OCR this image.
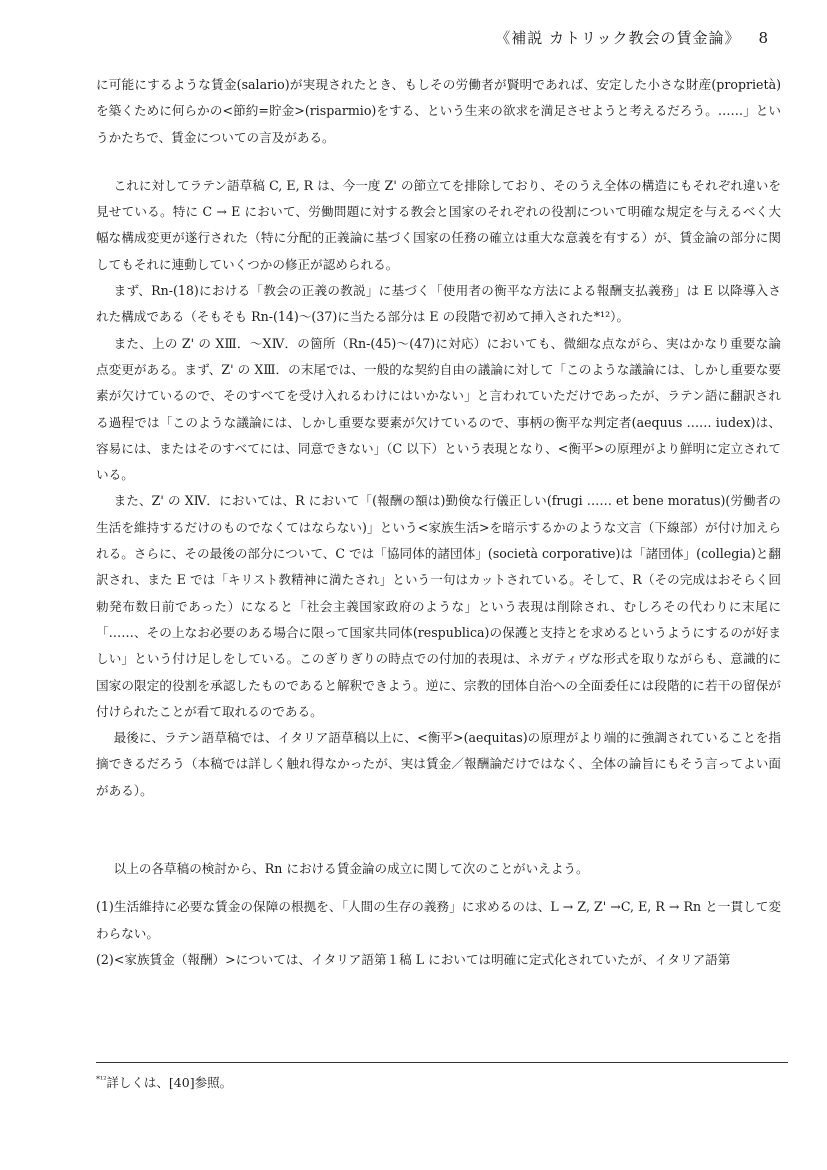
《補説 カトリック教会の賃金論》 8

に可能にするような賃金(salario)が実現されたとき、もしその労働者が賢明であれば、安定した小さな財産(proprietà)を築くために何らかの<節約=貯金>(risparmio)をする、という生来の欲求を満足させようと考えるだろう。……」というかたちで、賃金についての言及がある。

これに対してラテン語草稿 C, E, R は、今一度 Z' の節立てを排除しており、そのうえ全体の構造にもそれぞれ違いを見せている。特に C → E において、労働問題に対する教会と国家のそれぞれの役割について明確な規定を与えるべく大幅な構成変更が遂行された（特に分配的正義論に基づく国家の任務の確立は重大な意義を有する）が、賃金論の部分に関してもそれに連動していくつかの修正が認められる。

まず、Rn-(18)における「教会の正義の教説」に基づく「使用者の衡平な方法による報酬支払義務」は E 以降導入された構成である（そもそも Rn-(14)～(37)に当たる部分は E の段階で初めて挿入された*¹²）。

また、上の Z' の XⅢ．～XⅣ．の箇所（Rn-(45)～(47)に対応）においても、微細な点ながら、実はかなり重要な論点変更がある。まず、Z' の XⅢ．の末尾では、一般的な契約自由の議論に対して「このような議論には、しかし重要な要素が欠けているので、そのすべてを受け入れるわけにはいかない」と言われていただけであったが、ラテン語に翻訳される過程では「このような議論には、しかし重要な要素が欠けているので、事柄の衡平な判定者(aequus …… iudex)は、容易には、またはそのすべてには、同意できない」（C 以下）という表現となり、<衡平>の原理がより鮮明に定立されている。

また、Z' の XⅣ．においては、R において「(報酬の額は)勤倹な行儀正しい(frugi …… et bene moratus)(労働者の生活を維持するだけのものでなくてはならない)」という<家族生活>を暗示するかのような文言（下線部）が付け加えられる。さらに、その最後の部分について、C では「協同体的諸団体」(società corporative)は「諸団体」(collegia)と翻訳され、また E では「キリスト教精神に満たされ」という一句はカットされている。そして、R（その完成はおそらく回勅発布数日前であった）になると「社会主義国家政府のような」という表現は削除され、むしろその代わりに末尾に「……、その上なお必要のある場合に限って国家共同体(respublica)の保護と支持とを求めるというようにするのが好ましい」という付け足しをしている。このぎりぎりの時点での付加的表現は、ネガティヴな形式を取りながらも、意識的に国家の限定的役割を承認したものであると解釈できよう。逆に、宗教的団体自治への全面委任には段階的に若干の留保が付けられたことが看て取れるのである。

最後に、ラテン語草稿では、イタリア語草稿以上に、<衡平>(aequitas)の原理がより端的に強調されていることを指摘できるだろう（本稿では詳しく触れ得なかったが、実は賃金／報酬論だけではなく、全体の論旨にもそう言ってよい面がある）。

以上の各草稿の検討から、Rn における賃金論の成立に関して次のことがいえよう。

(1)生活維持に必要な賃金の保障の根拠を、「人間の生存の義務」に求めるのは、L → Z, Z' →C, E, R → Rn と一貫して変わらない。

(2)<家族賃金（報酬）>については、イタリア語第１稿 L においては明確に定式化されていたが、イタリア語第

$^{*^{12}}$詳しくは、[40]参照。
